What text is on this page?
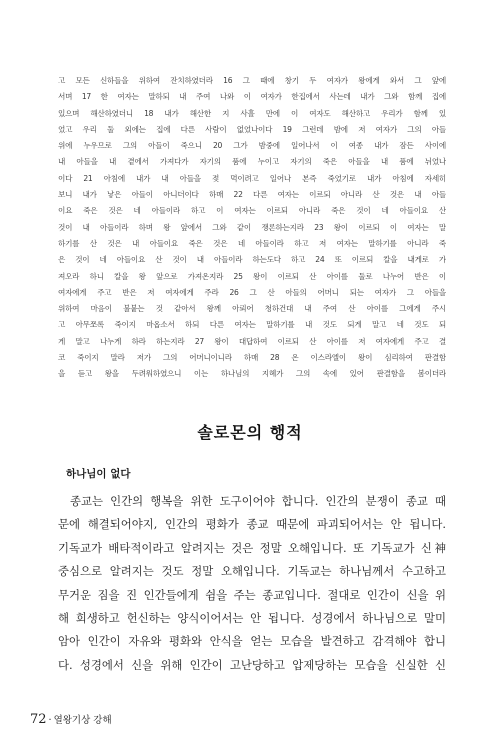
고 모든 신하들을 위하여 잔치하였더라 16 그 때에 창기 두 여자가 왕에게 와서 그 앞에
서며 17 한 여자는 말하되 내 주여 나와 이 여자가 한집에서 사는데 내가 그와 함께 집에
있으며 해산하였더니 18 내가 해산한 지 사흘 만에 이 여자도 해산하고 우리가 함께 있
었고 우리 둘 외에는 집에 다른 사람이 없었나이다 19 그런데 밤에 저 여자가 그의 아들
위에 누우므로 그의 아들이 죽으니 20 그가 밤중에 일어나서 이 여종 내가 잠든 사이에
내 아들을 내 곁에서 가져다가 자기의 품에 누이고 자기의 죽은 아들을 내 품에 뉘었나
이다 21 아침에 내가 내 아들을 젖 먹이려고 일어나 본즉 죽었기로 내가 아침에 자세히
보니 내가 낳은 아들이 아니더이다 하매 22 다른 여자는 이르되 아니라 산 것은 내 아들
이요 죽은 것은 네 아들이라 하고 이 여자는 이르되 아니라 죽은 것이 네 아들이요 산
것이 내 아들이라 하며 왕 앞에서 그와 같이 쟁론하는지라 23 왕이 이르되 이 여자는 말
하기를 산 것은 내 아들이요 죽은 것은 네 아들이라 하고 저 여자는 말하기를 아니라 죽
은 것이 네 아들이요 산 것이 내 아들이라 하는도다 하고 24 또 이르되 칼을 내게로 가
져오라 하니 칼을 왕 앞으로 가져온지라 25 왕이 이르되 산 아이를 둘로 나누어 반은 이
여자에게 주고 반은 저 여자에게 주라 26 그 산 아들의 어머니 되는 여자가 그 아들을
위하여 마음이 불붙는 것 같아서 왕께 아뢰어 청하건대 내 주여 산 아이를 그에게 주시
고 아무쪼록 죽이지 마옵소서 하되 다른 여자는 말하기를 내 것도 되게 말고 네 것도 되
게 말고 나누게 하라 하는지라 27 왕이 대답하여 이르되 산 아이를 저 여자에게 주고 결
코 죽이지 말라 저가 그의 어머니이니라 하매 28 온 이스라엘이 왕이 심리하여 판결함
을 듣고 왕을 두려워하였으니 이는 하나님의 지혜가 그의 속에 있어 판결함을 봄이더라
솔로몬의 행적
하나님이 없다
종교는 인간의 행복을 위한 도구이어야 합니다. 인간의 분쟁이 종교 때
문에 해결되어야지, 인간의 평화가 종교 때문에 파괴되어서는 안 됩니다.
기독교가 배타적이라고 알려지는 것은 정말 오해입니다. 또 기독교가 신神
중심으로 알려지는 것도 정말 오해입니다. 기독교는 하나님께서 수고하고
무거운 짐을 진 인간들에게 쉼을 주는 종교입니다. 절대로 인간이 신을 위
해 희생하고 헌신하는 양식이어서는 안 됩니다. 성경에서 하나님으로 말미
암아 인간이 자유와 평화와 안식을 얻는 모습을 발견하고 감격해야 합니
다. 성경에서 신을 위해 인간이 고난당하고 압제당하는 모습을 신실한 신
72 · 열왕기상 강해
